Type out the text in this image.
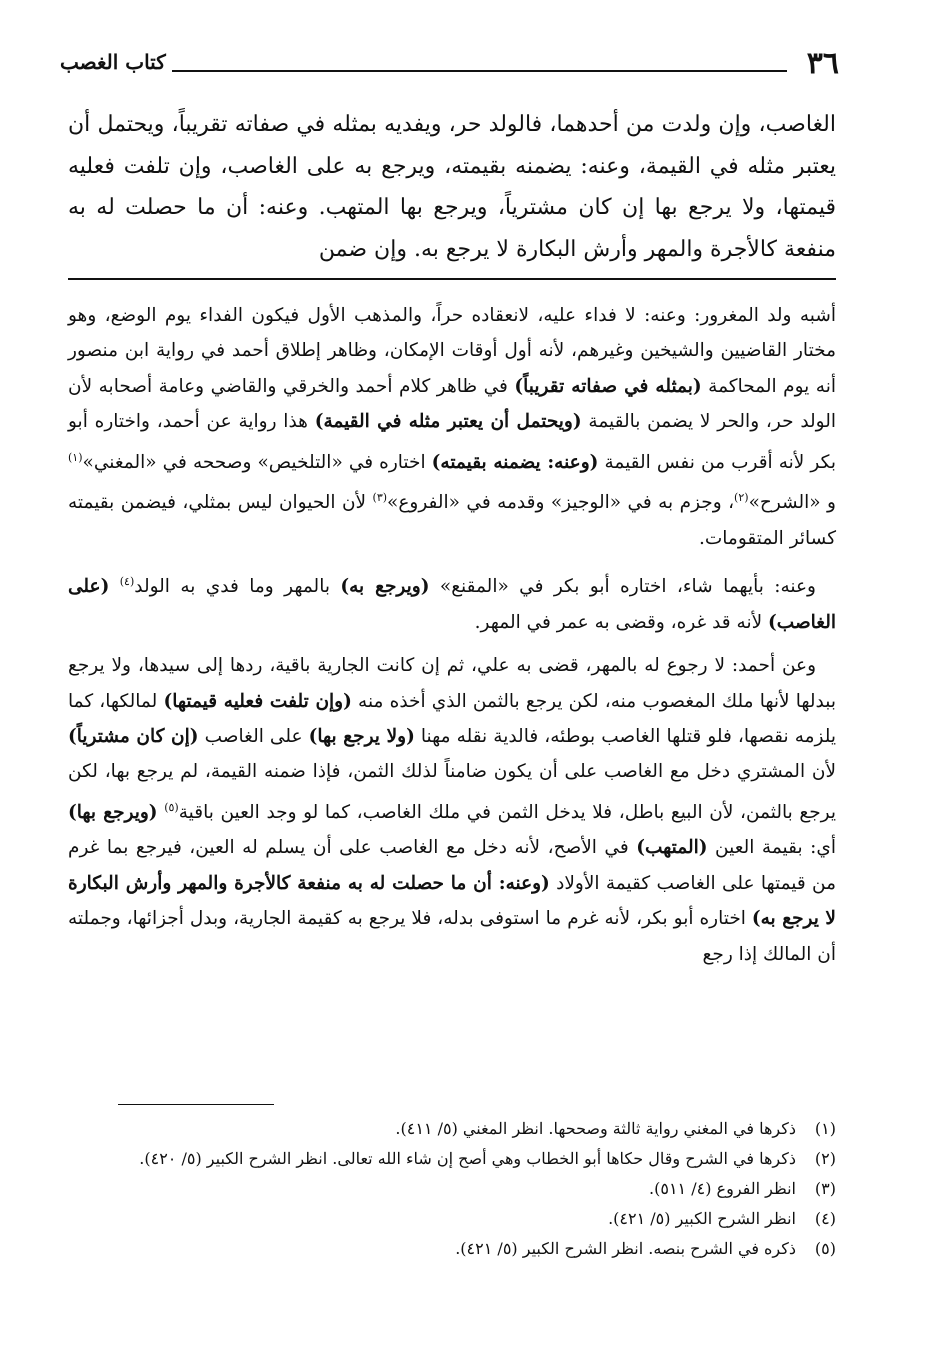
٣٦
كتاب الغصب
الغاصب، وإن ولدت من أحدهما، فالولد حر، ويفديه بمثله في صفاته تقريباً، ويحتمل أن يعتبر مثله في القيمة، وعنه: يضمنه بقيمته، ويرجع به على الغاصب، وإن تلفت فعليه قيمتها، ولا يرجع بها إن كان مشترياً، ويرجع بها المتهب. وعنه: أن ما حصلت له به منفعة كالأجرة والمهر وأرش البكارة لا يرجع به. وإن ضمن

أشبه ولد المغرور: وعنه: لا فداء عليه، لانعقاده حراً، والمذهب الأول فيكون الفداء يوم الوضع، وهو مختار القاضيين والشيخين وغيرهم، لأنه أول أوقات الإمكان، وظاهر إطلاق أحمد في رواية ابن منصور أنه يوم المحاكمة (بمثله في صفاته تقريباً) في ظاهر كلام أحمد والخرقي والقاضي وعامة أصحابه لأن الولد حر، والحر لا يضمن بالقيمة (ويحتمل أن يعتبر مثله في القيمة) هذا رواية عن أحمد، واختاره أبو بكر لأنه أقرب من نفس القيمة (وعنه: يضمنه بقيمته) اختاره في «التلخيص» وصححه في «المغني»$^{(١)}$ و «الشرح»$^{(٢)}$، وجزم به في «الوجيز» وقدمه في «الفروع»$^{(٣)}$ لأن الحيوان ليس بمثلي، فيضمن بقيمته كسائر المتقومات.

وعنه: بأيهما شاء، اختاره أبو بكر في «المقنع» (ويرجع به) بالمهر وما فدي به الولد$^{(٤)}$ (على الغاصب) لأنه قد غره، وقضى به عمر في المهر.

وعن أحمد: لا رجوع له بالمهر، قضى به علي، ثم إن كانت الجارية باقية، ردها إلى سيدها، ولا يرجع ببدلها لأنها ملك المغصوب منه، لكن يرجع بالثمن الذي أخذه منه (وإن تلفت فعليه قيمتها) لمالكها، كما يلزمه نقصها، فلو قتلها الغاصب بوطئه، فالدية نقله مهنا (ولا يرجع بها) على الغاصب (إن كان مشترياً) لأن المشتري دخل مع الغاصب على أن يكون ضامناً لذلك الثمن، فإذا ضمنه القيمة، لم يرجع بها، لكن يرجع بالثمن، لأن البيع باطل، فلا يدخل الثمن في ملك الغاصب، كما لو وجد العين باقية$^{(٥)}$ (ويرجع بها) أي: بقيمة العين (المتهب) في الأصح، لأنه دخل مع الغاصب على أن يسلم له العين، فيرجع بما غرم من قيمتها على الغاصب كقيمة الأولاد (وعنه: أن ما حصلت له به منفعة كالأجرة والمهر وأرش البكارة لا يرجع به) اختاره أبو بكر، لأنه غرم ما استوفى بدله، فلا يرجع به كقيمة الجارية، وبدل أجزائها، وجملته أن المالك إذا رجع

(١)
ذكرها في المغني رواية ثالثة وصححها. انظر المغني (٥/ ٤١١).
(٢)
ذكرها في الشرح وقال حكاها أبو الخطاب وهي أصح إن شاء الله تعالى. انظر الشرح الكبير (٥/ ٤٢٠).
(٣)
انظر الفروع (٤/ ٥١١).
(٤)
انظر الشرح الكبير (٥/ ٤٢١).
(٥)
ذكره في الشرح بنصه. انظر الشرح الكبير (٥/ ٤٢١).
